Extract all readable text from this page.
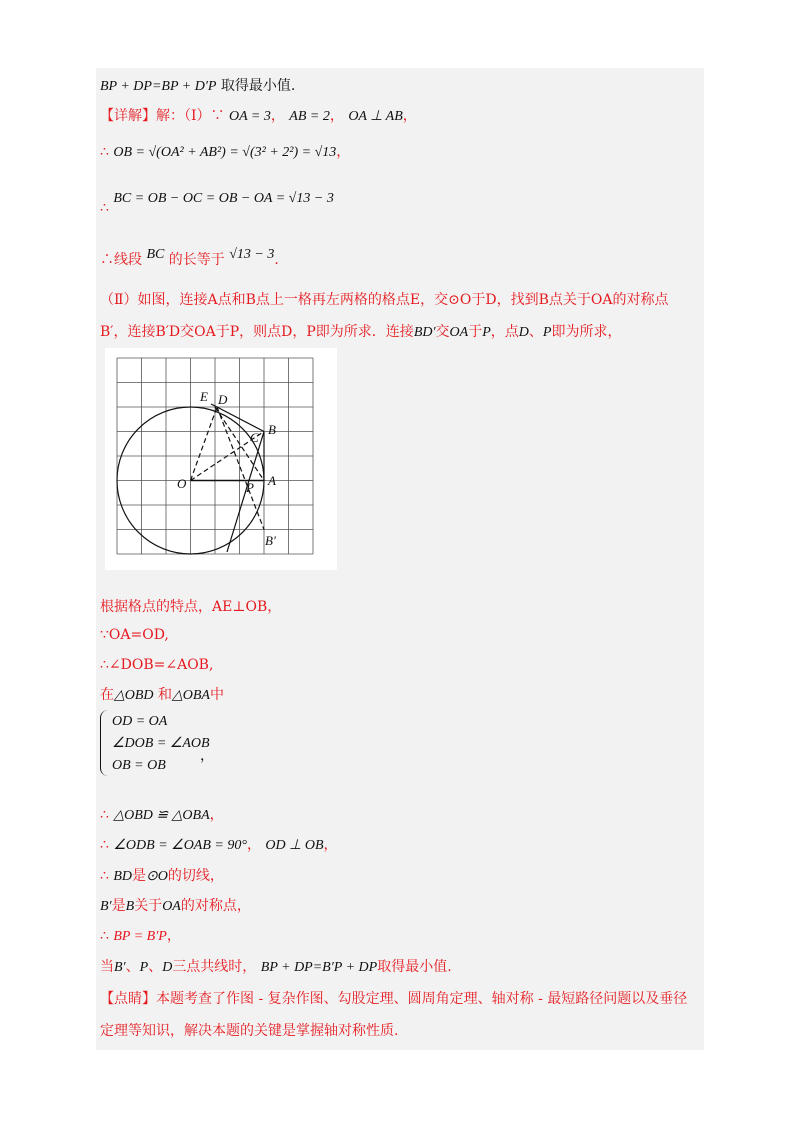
BP + DP=BP + D′P 取得最小值.
【详解】解：（Ⅰ）∵ OA = 3， AB = 2， OA ⊥ AB，
∴ OB = √(OA² + AB²) = √(3² + 2²) = √13，
∴ BC = OB − OC = OB − OA = √13 − 3
∴线段 BC 的长等于 √13 − 3.
（Ⅱ）如图，连接A点和B点上一格再左两格的格点E，交⊙O于D，找到B点关于OA的对称点
B′，连接B′D交OA于P，则点D，P即为所求．连接BD′交OA于P，点D、P即为所求，
E D
B
C
O	P A
B′
根据格点的特点，AE⊥OB，
∵OA=OD,
∴∠DOB=∠AOB,
在△OBD 和△OBA中
OD = OA
∠DOB = ∠AOB
OB = OB
，
∴ △OBD ≌ △OBA，
∴ ∠ODB = ∠OAB = 90°， OD ⊥ OB，
∴ BD是⊙O的切线，
B′是B关于OA的对称点，
∴ BP = B′P，
当B′、P、D三点共线时， BP + DP=B′P + DP取得最小值.
【点睛】本题考查了作图 - 复杂作图、勾股定理、圆周角定理、轴对称 - 最短路径问题以及垂径
定理等知识，解决本题的关键是掌握轴对称性质.
